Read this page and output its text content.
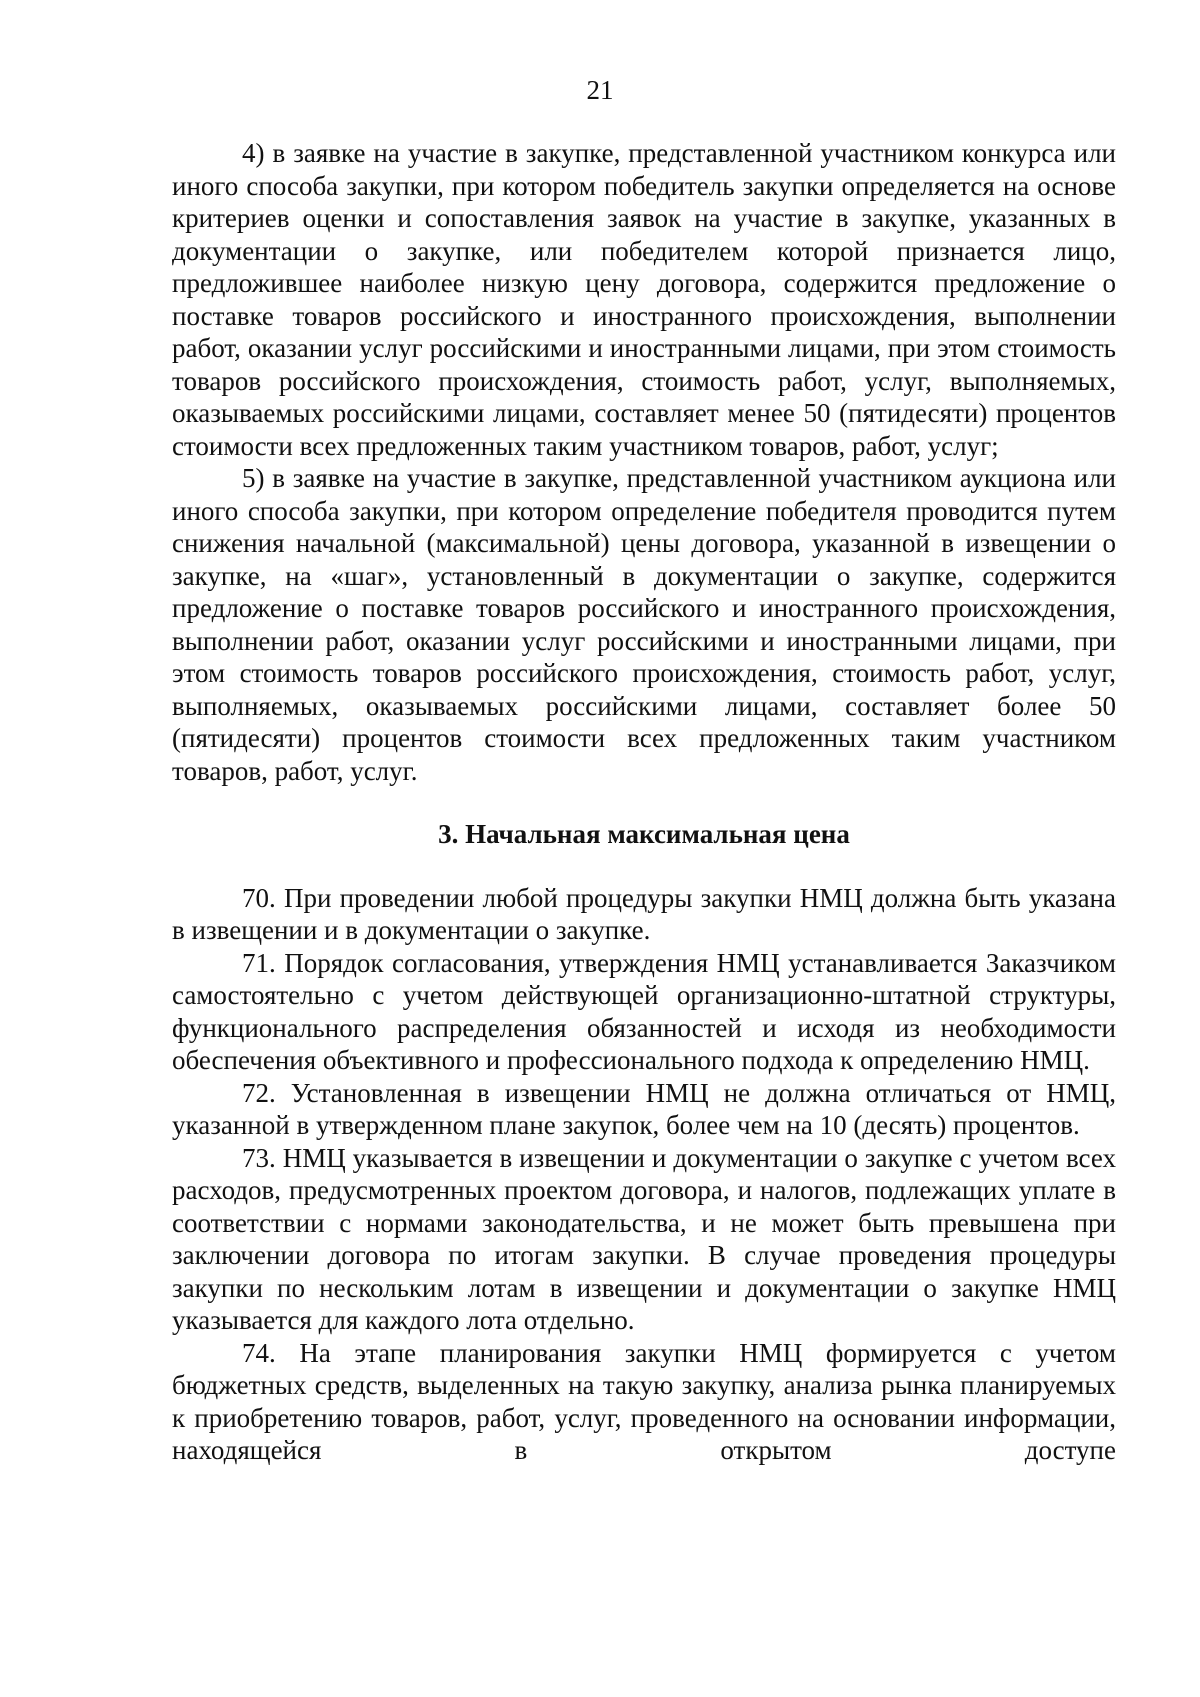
21

4) в заявке на участие в закупке, представленной участником конкурса или иного способа закупки, при котором победитель закупки определяется на основе критериев оценки и сопоставления заявок на участие в закупке, указанных в документации о закупке, или победителем которой признается лицо, предложившее наиболее низкую цену договора, содержится предложение о поставке товаров российского и иностранного происхождения, выполнении работ, оказании услуг российскими и иностранными лицами, при этом стоимость товаров российского происхождения, стоимость работ, услуг, выполняемых, оказываемых российскими лицами, составляет менее 50 (пятидесяти) процентов стоимости всех предложенных таким участником товаров, работ, услуг;

5) в заявке на участие в закупке, представленной участником аукциона или иного способа закупки, при котором определение победителя проводится путем снижения начальной (максимальной) цены договора, указанной в извещении о закупке, на «шаг», установленный в документации о закупке, содержится предложение о поставке товаров российского и иностранного происхождения, выполнении работ, оказании услуг российскими и иностранными лицами, при этом стоимость товаров российского происхождения, стоимость работ, услуг, выполняемых, оказываемых российскими лицами, составляет более 50 (пятидесяти) процентов стоимости всех предложенных таким участником товаров, работ, услуг.

3. Начальная максимальная цена

70. При проведении любой процедуры закупки НМЦ должна быть указана в извещении и в документации о закупке.

71. Порядок согласования, утверждения НМЦ устанавливается Заказчиком самостоятельно с учетом действующей организационно-штатной структуры, функционального распределения обязанностей и исходя из необходимости обеспечения объективного и профессионального подхода к определению НМЦ.

72. Установленная в извещении НМЦ не должна отличаться от НМЦ, указанной в утвержденном плане закупок, более чем на 10 (десять) процентов.

73. НМЦ указывается в извещении и документации о закупке с учетом всех расходов, предусмотренных проектом договора, и налогов, подлежащих уплате в соответствии с нормами законодательства, и не может быть превышена при заключении договора по итогам закупки. В случае проведения процедуры закупки по нескольким лотам в извещении и документации о закупке НМЦ указывается для каждого лота отдельно.

74. На этапе планирования закупки НМЦ формируется с учетом бюджетных средств, выделенных на такую закупку, анализа рынка планируемых к приобретению товаров, работ, услуг, проведенного на основании информации, находящейся в открытом доступе
